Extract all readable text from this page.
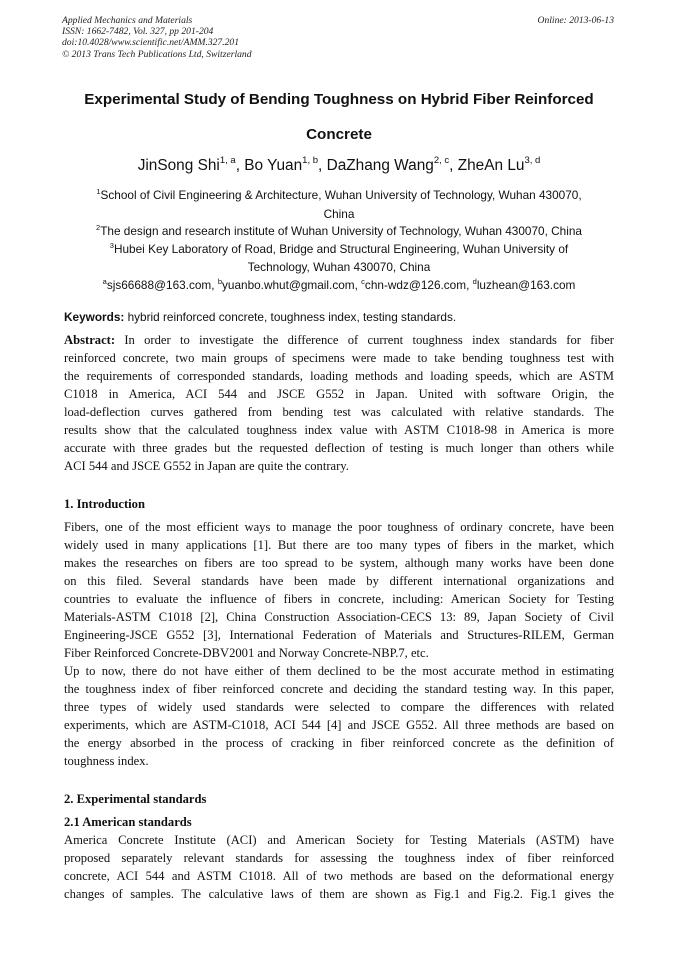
Applied Mechanics and Materials
ISSN: 1662-7482, Vol. 327, pp 201-204
doi:10.4028/www.scientific.net/AMM.327.201
© 2013 Trans Tech Publications Ltd, Switzerland
Online: 2013-06-13
Experimental Study of Bending Toughness on Hybrid Fiber Reinforced
Concrete
JinSong Shi$^{1, a}$, Bo Yuan$^{1, b}$, DaZhang Wang$^{2, c}$, ZheAn Lu$^{3, d}$
$^1$School of Civil Engineering & Architecture, Wuhan University of Technology, Wuhan 430070,
China
$^2$The design and research institute of Wuhan University of Technology, Wuhan 430070, China
$^3$Hubei Key Laboratory of Road, Bridge and Structural Engineering, Wuhan University of
Technology, Wuhan 430070, China
$^a$sjs66688@163.com, $^b$yuanbo.whut@gmail.com, $^c$chn-wdz@126.com, $^d$luzhean@163.com
Keywords: hybrid reinforced concrete, toughness index, testing standards.
Abstract: In order to investigate the difference of current toughness index standards for fiber
reinforced concrete, two main groups of specimens were made to take bending toughness test with
the requirements of corresponded standards, loading methods and loading speeds, which are ASTM
C1018 in America, ACI 544 and JSCE G552 in Japan. United with software Origin, the
load-deflection curves gathered from bending test was calculated with relative standards. The
results show that the calculated toughness index value with ASTM C1018-98 in America is more
accurate with three grades but the requested deflection of testing is much longer than others while
ACI 544 and JSCE G552 in Japan are quite the contrary.
1. Introduction
Fibers, one of the most efficient ways to manage the poor toughness of ordinary concrete, have been
widely used in many applications [1]. But there are too many types of fibers in the market, which
makes the researches on fibers are too spread to be system, although many works have been done
on this filed. Several standards have been made by different international organizations and
countries to evaluate the influence of fibers in concrete, including: American Society for Testing
Materials-ASTM C1018 [2], China Construction Association-CECS 13: 89, Japan Society of Civil
Engineering-JSCE G552 [3], International Federation of Materials and Structures-RILEM, German
Fiber Reinforced Concrete-DBV2001 and Norway Concrete-NBP.7, etc.
Up to now, there do not have either of them declined to be the most accurate method in estimating
the toughness index of fiber reinforced concrete and deciding the standard testing way. In this paper,
three types of widely used standards were selected to compare the differences with related
experiments, which are ASTM-C1018, ACI 544 [4] and JSCE G552. All three methods are based on
the energy absorbed in the process of cracking in fiber reinforced concrete as the definition of
toughness index.
2. Experimental standards
2.1 American standards
America Concrete Institute (ACI) and American Society for Testing Materials (ASTM) have
proposed separately relevant standards for assessing the toughness index of fiber reinforced
concrete, ACI 544 and ASTM C1018. All of two methods are based on the deformational energy
changes of samples. The calculative laws of them are shown as Fig.1 and Fig.2. Fig.1 gives the
